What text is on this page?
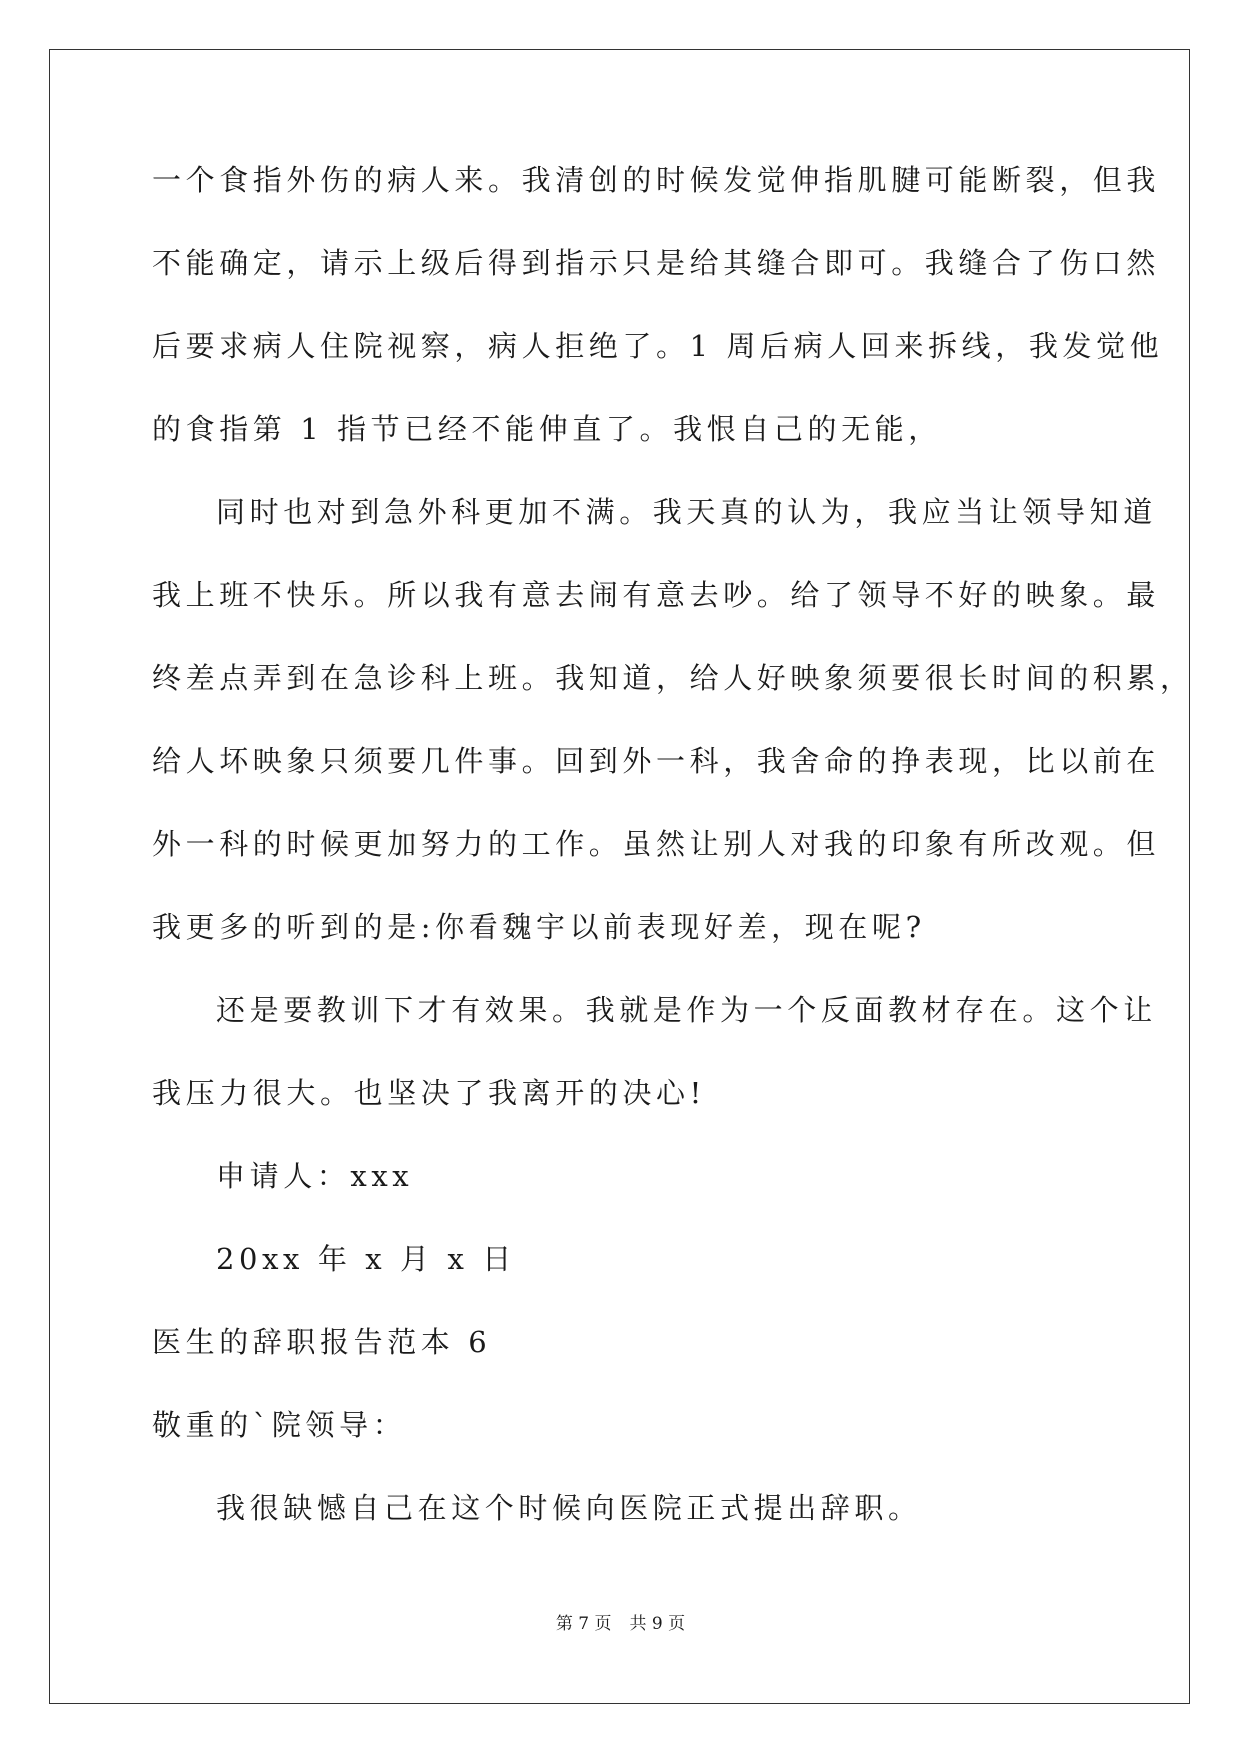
一个食指外伤的病人来。我清创的时候发觉伸指肌腱可能断裂，但我
不能确定，请示上级后得到指示只是给其缝合即可。我缝合了伤口然
后要求病人住院视察，病人拒绝了。1 周后病人回来拆线，我发觉他
的食指第 1 指节已经不能伸直了。我恨自己的无能，
同时也对到急外科更加不满。我天真的认为，我应当让领导知道
我上班不快乐。所以我有意去闹有意去吵。给了领导不好的映象。最
终差点弄到在急诊科上班。我知道，给人好映象须要很长时间的积累，
给人坏映象只须要几件事。回到外一科，我舍命的挣表现，比以前在
外一科的时候更加努力的工作。虽然让别人对我的印象有所改观。但
我更多的听到的是:你看魏宇以前表现好差，现在呢?
还是要教训下才有效果。我就是作为一个反面教材存在。这个让
我压力很大。也坚决了我离开的决心!
申请人：xxx
20xx 年 x 月 x 日
医生的辞职报告范本 6
敬重的`院领导：
我很缺憾自己在这个时候向医院正式提出辞职。
第 7 页 共 9 页
